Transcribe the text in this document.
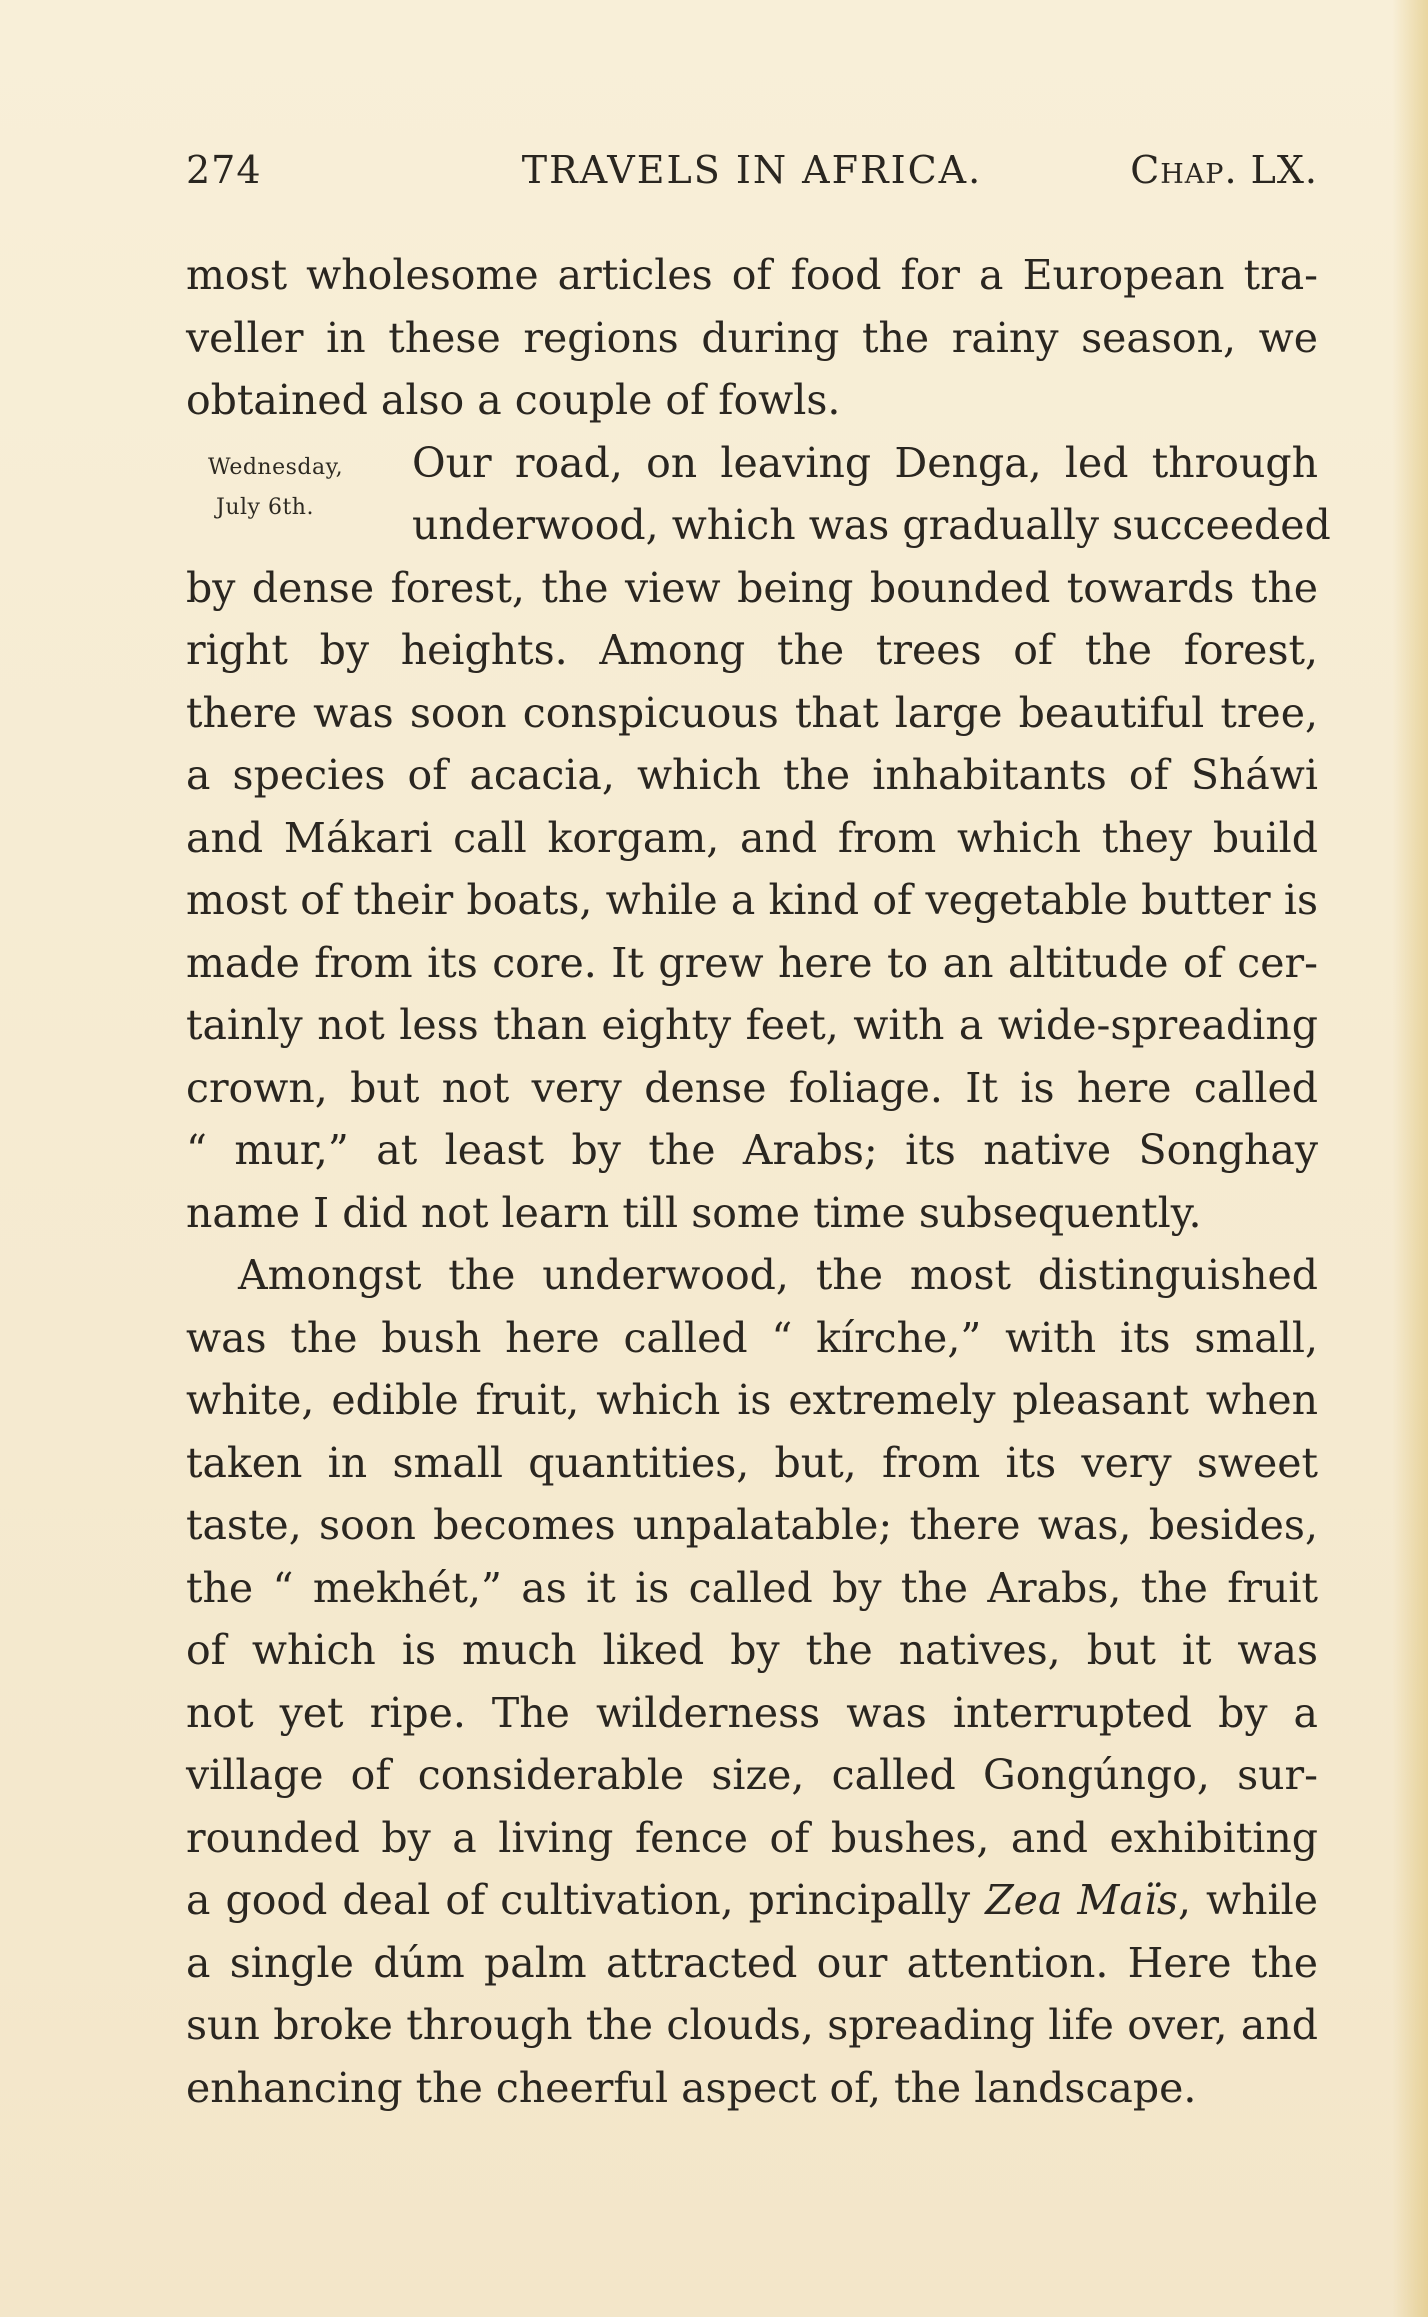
274	TRAVELS IN AFRICA.	Chap. LX.
Wednesday,
July 6th.
most wholesome articles of food for a European tra-
veller in these regions during the rainy season, we
obtained also a couple of fowls.
Our road, on leaving Denga, led through
underwood, which was gradually succeeded
by dense forest, the view being bounded towards the
right by heights. Among the trees of the forest,
there was soon conspicuous that large beautiful tree,
a species of acacia, which the inhabitants of Sháwi
and Mákari call korgam, and from which they build
most of their boats, while a kind of vegetable butter is
made from its core. It grew here to an altitude of cer-
tainly not less than eighty feet, with a wide-spreading
crown, but not very dense foliage. It is here called
“ mur,” at least by the Arabs; its native Songhay
name I did not learn till some time subsequently.
Amongst the underwood, the most distinguished
was the bush here called “ kírche,” with its small,
white, edible fruit, which is extremely pleasant when
taken in small quantities, but, from its very sweet
taste, soon becomes unpalatable; there was, besides,
the “ mekhét,” as it is called by the Arabs, the fruit
of which is much liked by the natives, but it was
not yet ripe. The wilderness was interrupted by a
village of considerable size, called Gongúngo, sur-
rounded by a living fence of bushes, and exhibiting
a good deal of cultivation, principally Zea Maïs, while
a single dúm palm attracted our attention. Here the
sun broke through the clouds, spreading life over, and
enhancing the cheerful aspect of, the landscape.
